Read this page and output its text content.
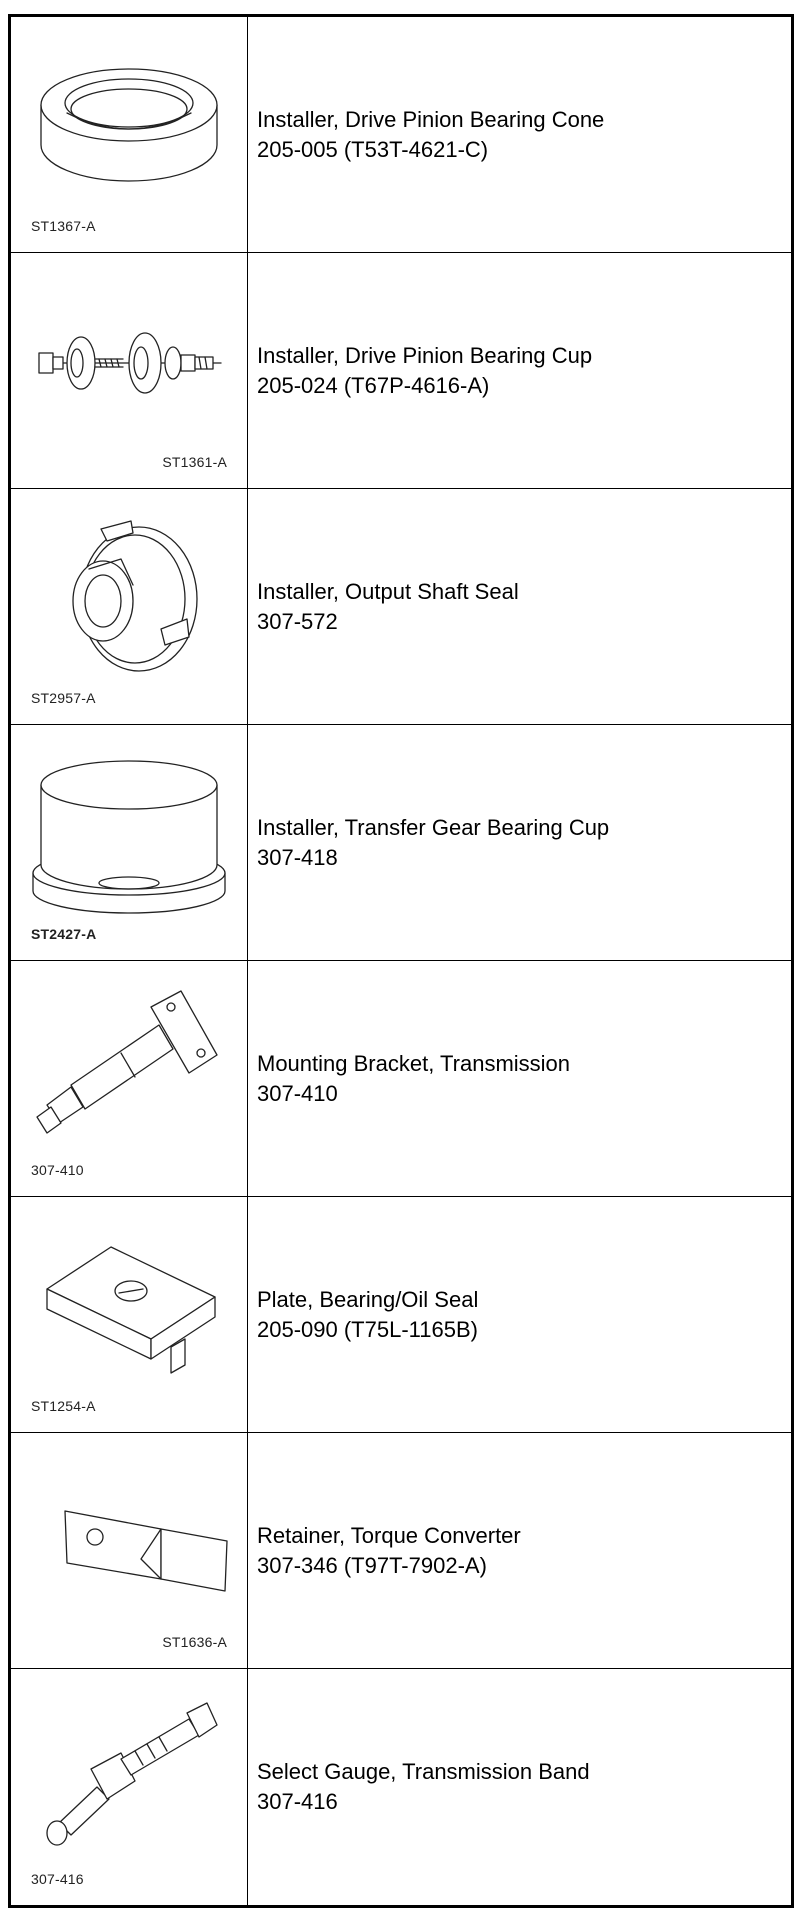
ST1367-A
Installer, Drive Pinion Bearing Cone
205-005 (T53T-4621-C)
ST1361-A
Installer, Drive Pinion Bearing Cup
205-024 (T67P-4616-A)
ST2957-A
Installer, Output Shaft Seal
307-572
ST2427-A
Installer, Transfer Gear Bearing Cup
307-418
307-410
Mounting Bracket, Transmission
307-410
ST1254-A
Plate, Bearing/Oil Seal
205-090 (T75L-1165B)
ST1636-A
Retainer, Torque Converter
307-346 (T97T-7902-A)
307-416
Select Gauge, Transmission Band
307-416
